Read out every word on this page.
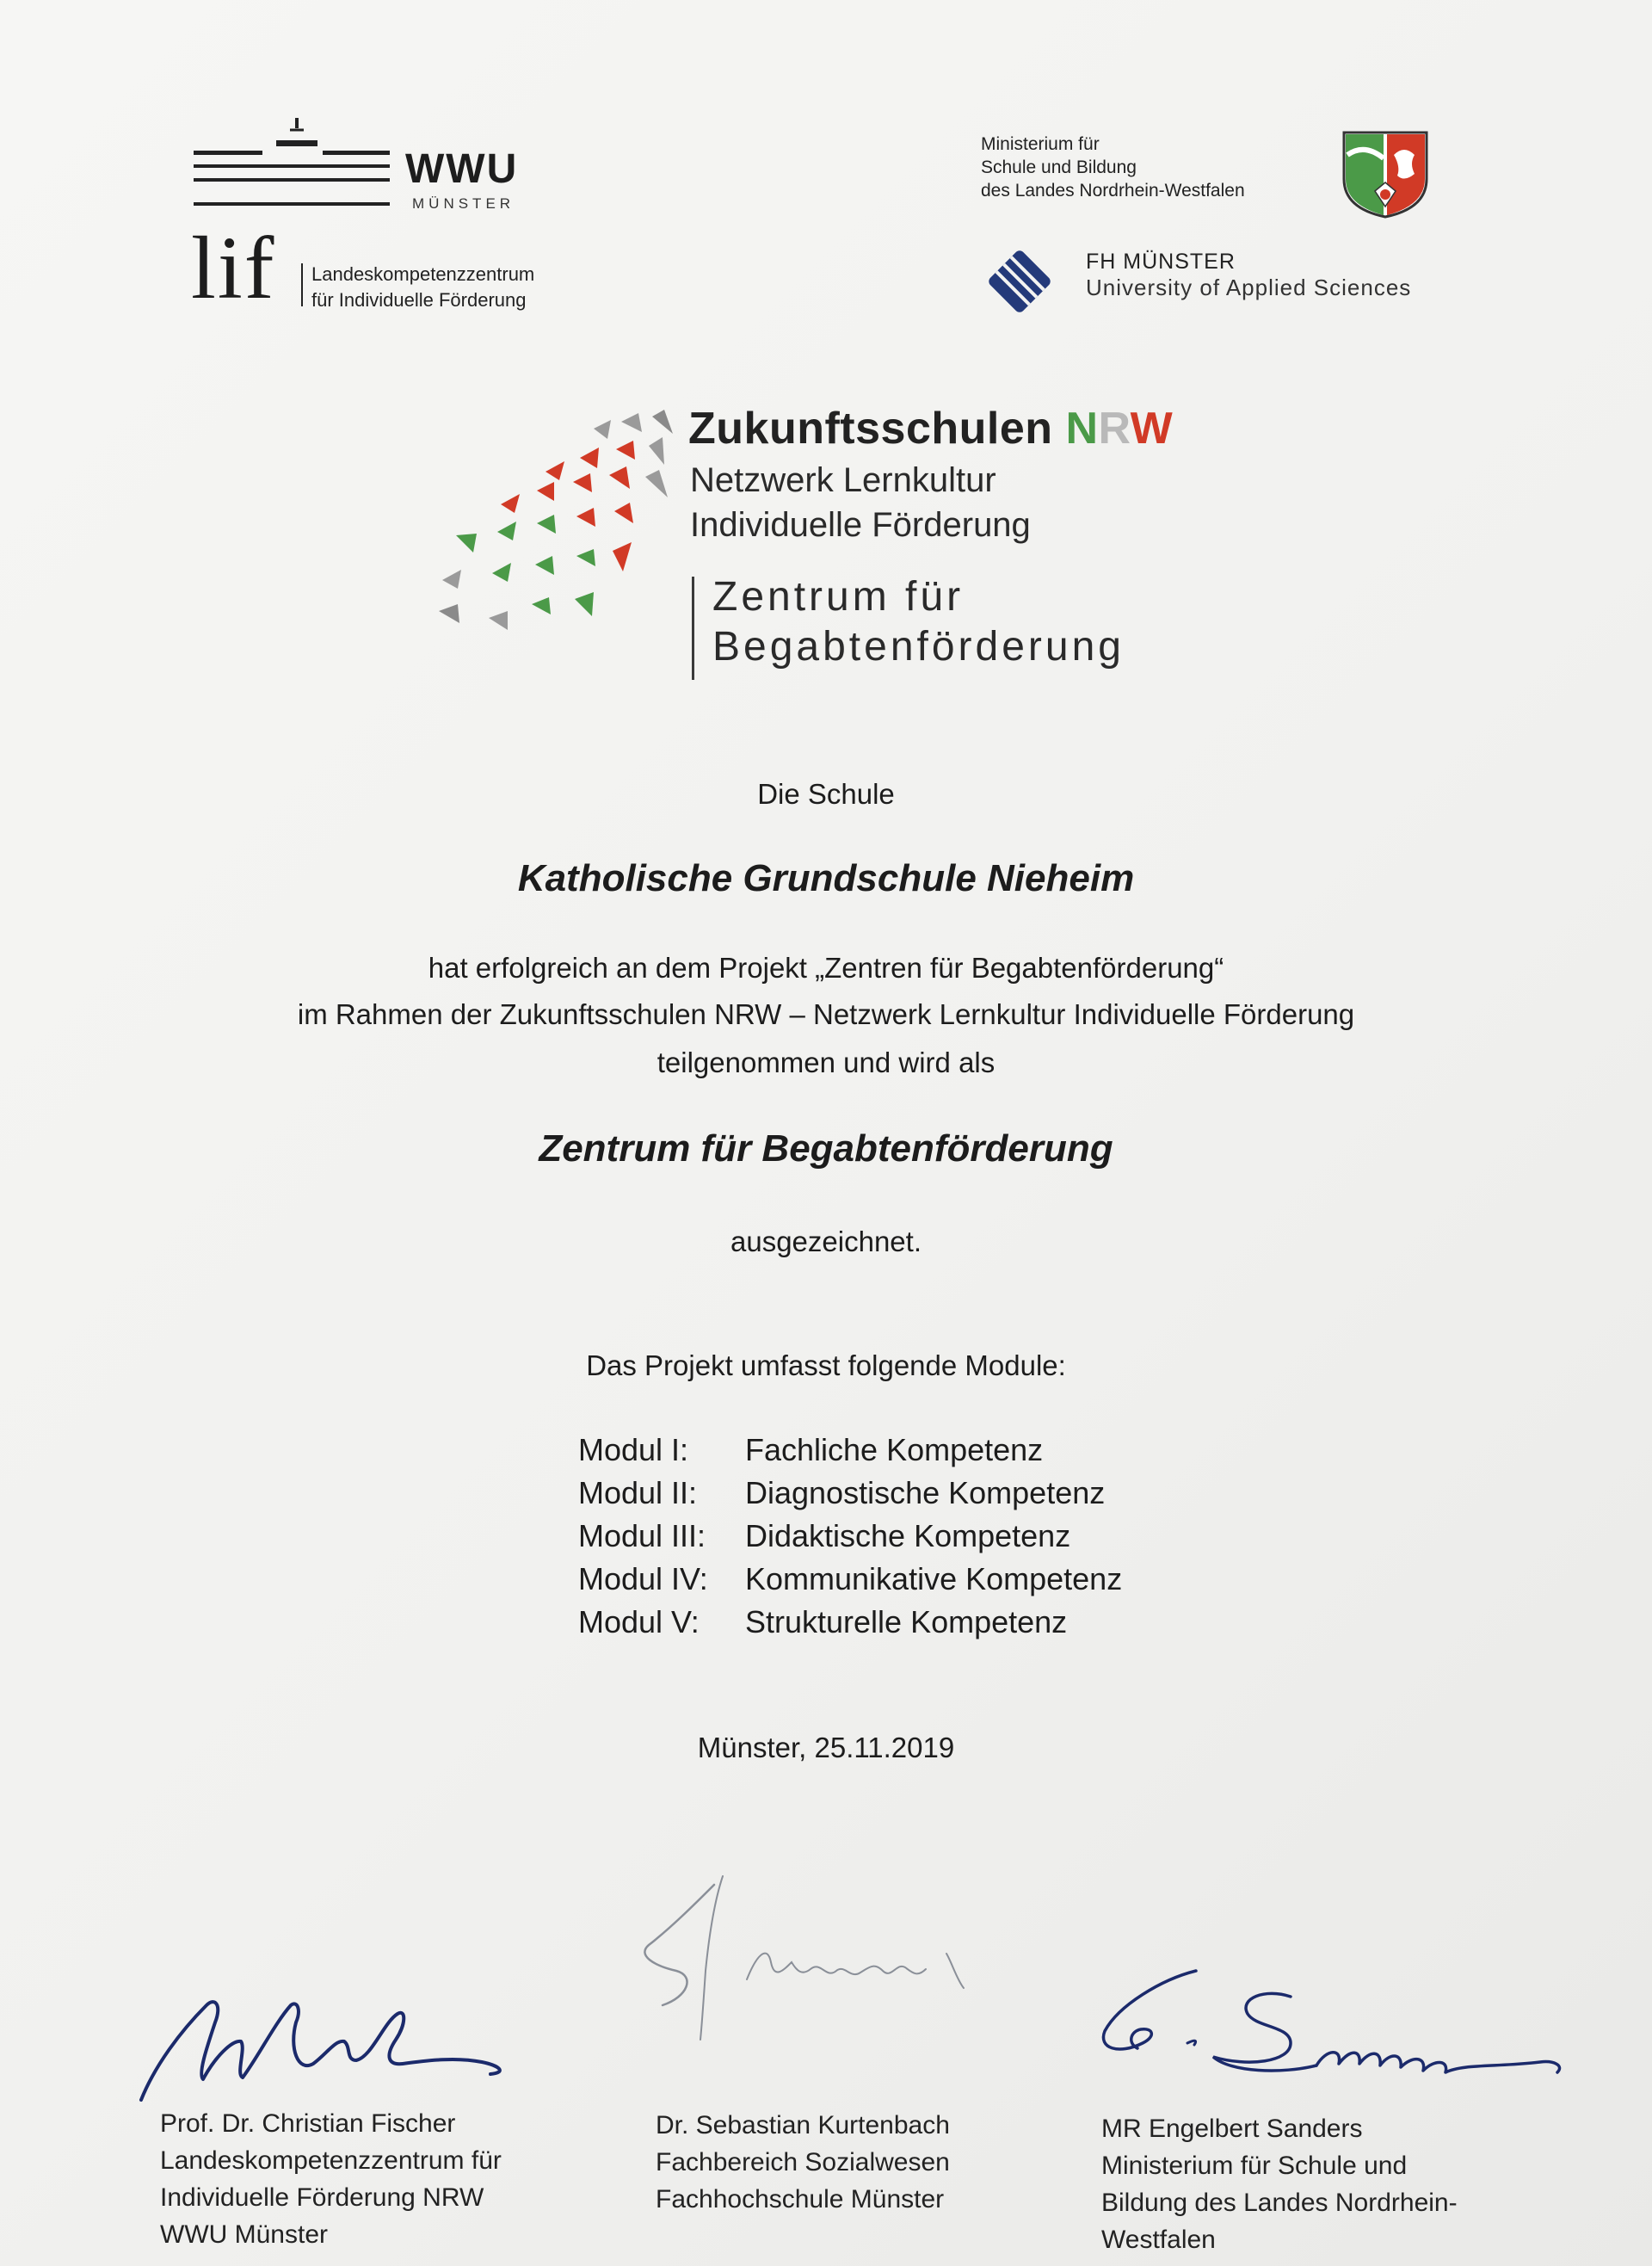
WWU
MÜNSTER
lif Landeskompetenzzentrum
für Individuelle Förderung
Ministerium für
Schule und Bildung
des Landes Nordrhein-Westfalen
FH MÜNSTER
University of Applied Sciences
Zukunftsschulen NRW
Netzwerk Lernkultur
Individuelle Förderung
Zentrum für
Begabtenförderung
Die Schule
Katholische Grundschule Nieheim
hat erfolgreich an dem Projekt „Zentren für Begabtenförderung“
im Rahmen der Zukunftsschulen NRW – Netzwerk Lernkultur Individuelle Förderung
teilgenommen und wird als
Zentrum für Begabtenförderung
ausgezeichnet.
Das Projekt umfasst folgende Module:
Modul I: Fachliche Kompetenz
Modul II: Diagnostische Kompetenz
Modul III: Didaktische Kompetenz
Modul IV: Kommunikative Kompetenz
Modul V: Strukturelle Kompetenz
Münster, 25.11.2019
Prof. Dr. Christian Fischer
Landeskompetenzzentrum für
Individuelle Förderung NRW
WWU Münster
Dr. Sebastian Kurtenbach
Fachbereich Sozialwesen
Fachhochschule Münster
MR Engelbert Sanders
Ministerium für Schule und
Bildung des Landes Nordrhein-
Westfalen
